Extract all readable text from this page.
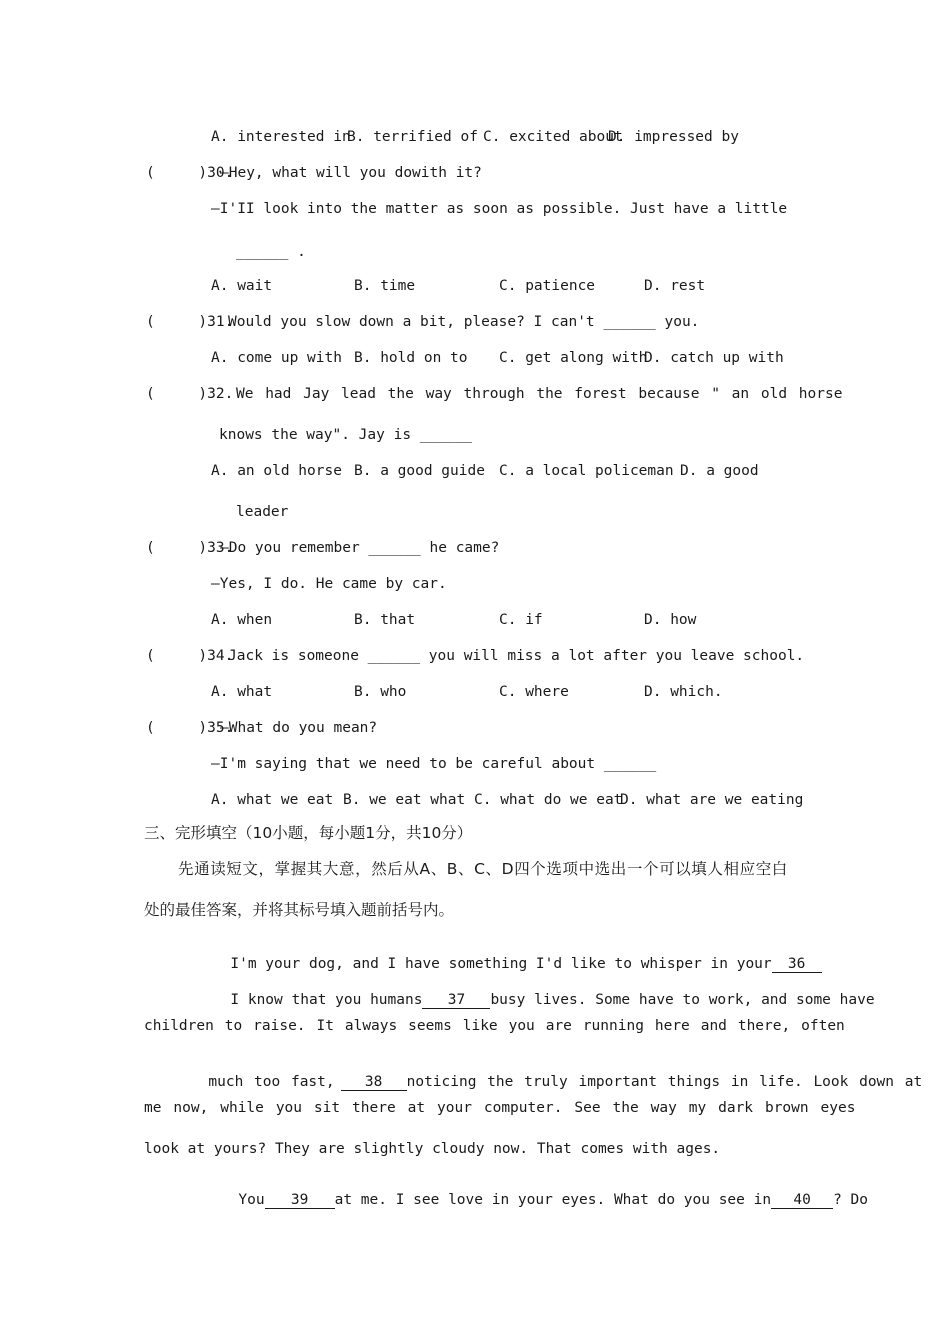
A. interested in
B. terrified of C. excited about
D. impressed by
(     )30.
—Hey, what will you dowith it?
—I'II look into the matter as soon as possible. Just have a little
______ .
A. wait	B. time	C. patience	D. rest
(     )31.
Would you slow down a bit, please? I can't ______ you.
A. come up with B. hold on to C. get along with
D. catch up with
(     )32. We had Jay lead the way through the forest because " an old horse
knows the way". Jay is ______
A. an old horse B. a good guide C. a local policeman D. a good
leader
(     )33.
—Do you remember ______ he came?
—Yes, I do. He came by car.
A. when	B. that	C. if	D. how
(     )34.
Jack is someone ______ you will miss a lot after you leave school.
A. what	B. who	C. where	D. which.
(     )35.
—What do you mean?
—I'm saying that we need to be careful about ______
A. what we eat B. we eat what C. what do we eat
D. what are we eating
三、完形填空（10小题，每小题1分，共10分）
先通读短文，掌握其大意，然后从A、B、C、D四个选项中选出一个可以填人相应空白
处的最佳答案，并将其标号填入题前括号内。

I'm your dog, and I have something I'd like to whisper in your 36

I know that you humans 37 busy lives. Some have to work, and some have

children to raise. It always seems like you are running here and there, often

much too fast, 38 noticing the truly important things in life. Look down at

me now, while you sit there at your computer. See the way my dark brown eyes
look at yours? They are slightly cloudy now. That comes with ages.

You 39 at me. I see love in your eyes. What do you see in 40 ? Do
